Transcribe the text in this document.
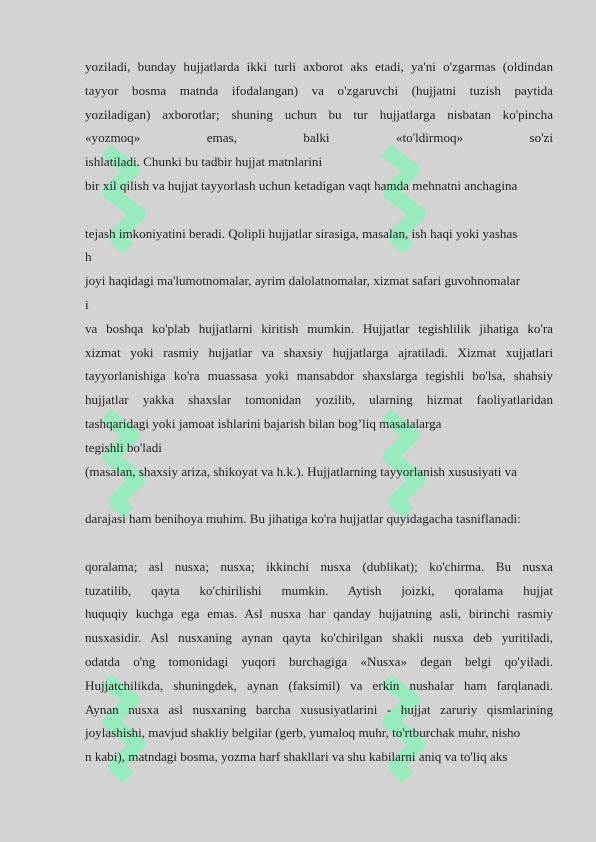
yoziladi, bunday hujjatlarda ikki turli axborot aks etadi, ya'ni o'zgarmas (oldindan

tayyor bosma matnda ifodalangan) va o'zgaruvchi (hujjatni tuzish paytida

yoziladigan) axborotlar; shuning uchun bu tur hujjatlarga nisbatan ko'pincha

«yozmoq» emas, balki «to'ldirmoq» so'zi

ishlatiladi. Chunki bu tadbir hujjat matnlarini

bir xil qilish va hujjat tayyorlash uchun ketadigan vaqt hamda mehnatni anchagina

tejash imkoniyatini beradi. Qolipli hujjatlar sirasiga, masalan, ish haqi yoki yashas

h

joyi haqidagi ma'lumotnomalar, ayrim dalolatnomalar, xizmat safari guvohnomalar

i

va boshqa ko'plab hujjatlarni kiritish mumkin. Hujjatlar tegishlilik jihatiga ko'ra

xizmat yoki rasmiy hujjatlar va shaxsiy hujjatlarga ajratiladi. Xizmat xujjatlari

tayyorlanishiga ko'ra muassasa yoki mansabdor shaxslarga tegishli bo'lsa, shahsiy

hujjatlar yakka shaxslar tomonidan yozilib, ularning hizmat faoliyatlaridan

tashqaridagi yoki jamoat ishlarini bajarish bilan bog’liq masalalarga

tegishli bo'ladi

(masalan, shaxsiy ariza, shikoyat va h.k.). Hujjatlarning tayyorlanish xususiyati va

darajasi ham benihoya muhim. Bu jihatiga ko'ra hujjatlar quyidagacha tasniflanadi:

qoralama; asl nusxa; nusxa; ikkinchi nusxa (dublikat); ko'chirma. Bu nusxa

tuzatilib, qayta ko'chirilishi mumkin. Aytish joizki, qoralama hujjat

huquqiy kuchga ega emas. Asl nusxa har qanday hujjatning asli, birinchi rasmiy

nusxasidir. Asl nusxaning aynan qayta ko'chirilgan shakli nusxa deb yuritiladi,

odatda o'ng tomonidagi yuqori burchagiga «Nusxa» degan belgi qo'yiladi.

Hujjatchilikda, shuningdek, aynan (faksimil) va erkin nushalar ham farqlanadi.

Aynan nusxa asl nusxaning barcha xususiyatlarini - hujjat zaruriy qismlarining

joylashishi, mavjud shakliy belgilar (gerb, yumaloq muhr, to'rtburchak muhr, nisho

n kabi), matndagi bosma, yozma harf shakllari va shu kabilarni aniq va to'liq aks
